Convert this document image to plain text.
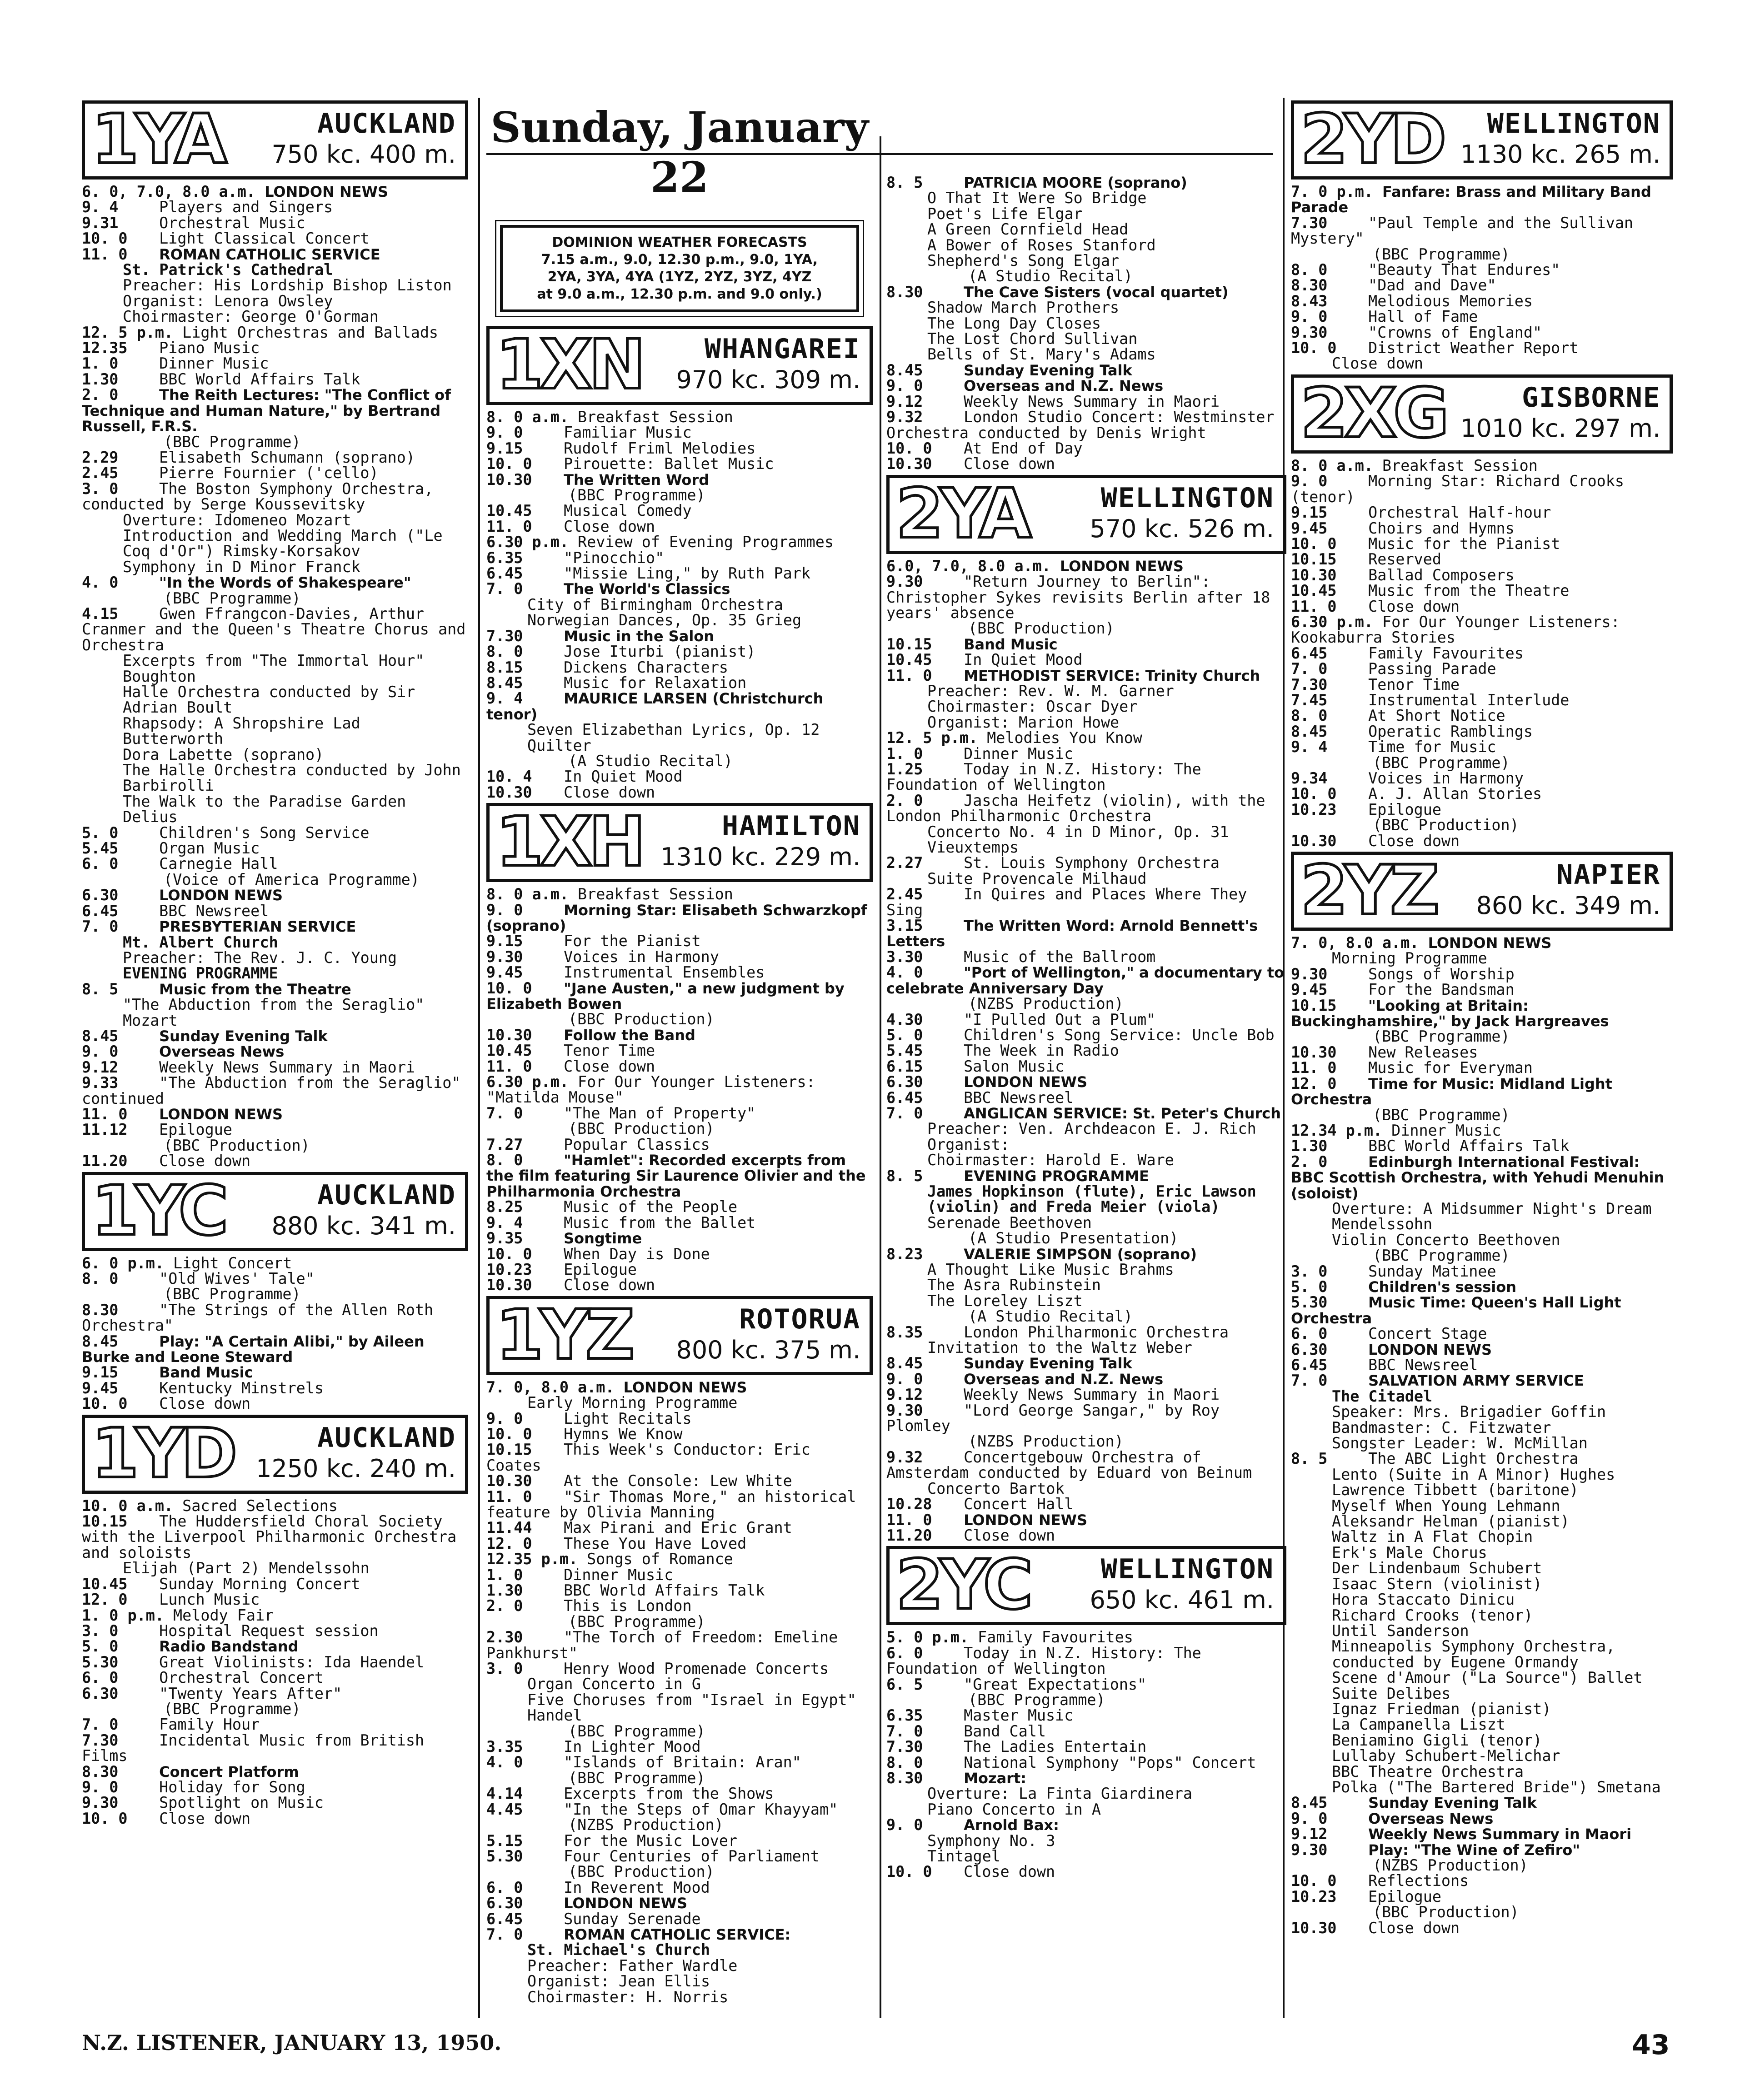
1YA	AUCKLAND
750 kc. 400 m.
6. 0, 7.0, 8.0 a.m. LONDON NEWS
9. 4	Players and Singers
9.31	Orchestral Music
10. 0 Light Classical Concert
11. 0 ROMAN CATHOLIC SERVICE
St. Patrick's Cathedral
Preacher: His Lordship Bishop Liston
Organist: Lenora Owsley
Choirmaster: George O'Gorman
12. 5 p.m. Light Orchestras and Ballads
12.35 Piano Music
1. 0	Dinner Music
1.30	BBC World Affairs Talk
2. 0	The Reith Lectures: "The Conflict of Technique and Human Nature," by Bertrand Russell, F.R.S.
(BBC Programme)
2.29	Elisabeth Schumann (soprano)
2.45	Pierre Fournier ('cello)
3. 0	The Boston Symphony Orchestra, conducted by Serge Koussevitsky
Overture: Idomeneo Mozart
Introduction and Wedding March ("Le Coq d'Or") Rimsky-Korsakov
Symphony in D Minor Franck
4. 0	"In the Words of Shakespeare"
(BBC Programme)
4.15	Gwen Ffrangcon-Davies, Arthur Cranmer and the Queen's Theatre Chorus and Orchestra
Excerpts from "The Immortal Hour" Boughton
Halle Orchestra conducted by Sir Adrian Boult
Rhapsody: A Shropshire Lad Butterworth
Dora Labette (soprano)
The Halle Orchestra conducted by John Barbirolli
The Walk to the Paradise Garden Delius
5. 0	Children's Song Service
5.45	Organ Music
6. 0	Carnegie Hall
(Voice of America Programme)
6.30	LONDON NEWS
6.45	BBC Newsreel
7. 0	PRESBYTERIAN SERVICE
Mt. Albert Church
Preacher: The Rev. J. C. Young
EVENING PROGRAMME
8. 5	Music from the Theatre
"The Abduction from the Seraglio" Mozart
8.45	Sunday Evening Talk
9. 0	Overseas News
9.12	Weekly News Summary in Maori
9.33	"The Abduction from the Seraglio" continued
11. 0 LONDON NEWS
11.12 Epilogue
(BBC Production)
11.20 Close down
1YC	AUCKLAND
880 kc. 341 m.
6. 0 p.m. Light Concert
8. 0	"Old Wives' Tale"
(BBC Programme)
8.30	"The Strings of the Allen Roth Orchestra"
8.45	Play: "A Certain Alibi," by Aileen Burke and Leone Steward
9.15	Band Music
9.45	Kentucky Minstrels
10. 0 Close down
1YD	AUCKLAND
1250 kc. 240 m.
10. 0 a.m. Sacred Selections
10.15 The Huddersfield Choral Society with the Liverpool Philharmonic Orchestra and soloists
Elijah (Part 2) Mendelssohn
10.45 Sunday Morning Concert
12. 0 Lunch Music
1. 0 p.m. Melody Fair
3. 0	Hospital Request session
5. 0	Radio Bandstand
5.30	Great Violinists: Ida Haendel
6. 0	Orchestral Concert
6.30	"Twenty Years After"
(BBC Programme)
7. 0	Family Hour
7.30	Incidental Music from British Films
8.30	Concert Platform
9. 0	Holiday for Song
9.30	Spotlight on Music
10. 0 Close down
Sunday, January 22
DOMINION WEATHER FORECASTS
7.15 a.m., 9.0, 12.30 p.m., 9.0, 1YA,
2YA, 3YA, 4YA (1YZ, 2YZ, 3YZ, 4YZ
at 9.0 a.m., 12.30 p.m. and 9.0 only.)
1XN WHANGAREI
970 kc. 309 m.
8. 0 a.m. Breakfast Session
9. 0	Familiar Music
9.15	Rudolf Friml Melodies
10. 0 Pirouette: Ballet Music
10.30 The Written Word
(BBC Programme)
10.45 Musical Comedy
11. 0 Close down
6.30 p.m. Review of Evening Programmes
6.35	"Pinocchio"
6.45	"Missie Ling," by Ruth Park
7. 0	The World's Classics
City of Birmingham Orchestra
Norwegian Dances, Op. 35 Grieg
7.30	Music in the Salon
8. 0	Jose Iturbi (pianist)
8.15	Dickens Characters
8.45	Music for Relaxation
9. 4	MAURICE LARSEN (Christchurch tenor)
Seven Elizabethan Lyrics, Op. 12 Quilter
(A Studio Recital)
10. 4 In Quiet Mood
10.30 Close down
1XH	HAMILTON
1310 kc. 229 m.
8. 0 a.m. Breakfast Session
9. 0	Morning Star: Elisabeth Schwarzkopf (soprano)
9.15	For the Pianist
9.30	Voices in Harmony
9.45	Instrumental Ensembles
10. 0 "Jane Austen," a new judgment by Elizabeth Bowen
(BBC Production)
10.30 Follow the Band
10.45 Tenor Time
11. 0 Close down
6.30 p.m. For Our Younger Listeners: "Matilda Mouse"
7. 0	"The Man of Property"
(BBC Production)
7.27	Popular Classics
8. 0	"Hamlet": Recorded excerpts from the film featuring Sir Laurence Olivier and the Philharmonia Orchestra
8.25	Music of the People
9. 4	Music from the Ballet
9.35	Songtime
10. 0 When Day is Done
10.23 Epilogue
10.30 Close down
1YZ	ROTORUA
800 kc. 375 m.
7. 0, 8.0 a.m. LONDON NEWS
Early Morning Programme
9. 0	Light Recitals
10. 0 Hymns We Know
10.15 This Week's Conductor: Eric Coates
10.30 At the Console: Lew White
11. 0 "Sir Thomas More," an historical feature by Olivia Manning
11.44 Max Pirani and Eric Grant
12. 0 These You Have Loved
12.35 p.m. Songs of Romance
1. 0	Dinner Music
1.30	BBC World Affairs Talk
2. 0	This is London
(BBC Programme)
2.30	"The Torch of Freedom: Emeline Pankhurst"
3. 0	Henry Wood Promenade Concerts
Organ Concerto in G
Five Choruses from "Israel in Egypt" Handel
(BBC Programme)
3.35	In Lighter Mood
4. 0	"Islands of Britain: Aran"
(BBC Programme)
4.14	Excerpts from the Shows
4.45	"In the Steps of Omar Khayyam"
(NZBS Production)
5.15	For the Music Lover
5.30	Four Centuries of Parliament
(BBC Production)
6. 0	In Reverent Mood
6.30	LONDON NEWS
6.45	Sunday Serenade
7. 0	ROMAN CATHOLIC SERVICE:
St. Michael's Church
Preacher: Father Wardle
Organist: Jean Ellis
Choirmaster: H. Norris
8. 5	PATRICIA MOORE (soprano)
O That It Were So Bridge
Poet's Life Elgar
A Green Cornfield Head
A Bower of Roses Stanford
Shepherd's Song Elgar
(A Studio Recital)
8.30	The Cave Sisters (vocal quartet)
Shadow March Prothers
The Long Day Closes
The Lost Chord Sullivan
Bells of St. Mary's Adams
8.45	Sunday Evening Talk
9. 0	Overseas and N.Z. News
9.12	Weekly News Summary in Maori
9.32	London Studio Concert: Westminster Orchestra conducted by Denis Wright
10. 0 At End of Day
10.30 Close down
2YA	WELLINGTON
570 kc. 526 m.
6.0, 7.0, 8.0 a.m. LONDON NEWS
9.30	"Return Journey to Berlin": Christopher Sykes revisits Berlin after 18 years' absence
(BBC Production)
10.15 Band Music
10.45 In Quiet Mood
11. 0 METHODIST SERVICE: Trinity Church
Preacher: Rev. W. M. Garner
Choirmaster: Oscar Dyer
Organist: Marion Howe
12. 5 p.m. Melodies You Know
1. 0	Dinner Music
1.25	Today in N.Z. History: The Foundation of Wellington
2. 0	Jascha Heifetz (violin), with the London Philharmonic Orchestra
Concerto No. 4 in D Minor, Op. 31 Vieuxtemps
2.27	St. Louis Symphony Orchestra
Suite Provencale Milhaud
2.45	In Quires and Places Where They Sing
3.15	The Written Word: Arnold Bennett's Letters
3.30	Music of the Ballroom
4. 0	"Port of Wellington," a documentary to celebrate Anniversary Day
(NZBS Production)
4.30	"I Pulled Out a Plum"
5. 0	Children's Song Service: Uncle Bob
5.45	The Week in Radio
6.15	Salon Music
6.30	LONDON NEWS
6.45	BBC Newsreel
7. 0	ANGLICAN SERVICE: St. Peter's Church
Preacher: Ven. Archdeacon E. J. Rich
Organist:
Choirmaster: Harold E. Ware
8. 5	EVENING PROGRAMME
James Hopkinson (flute), Eric Lawson (violin) and Freda Meier (viola)
Serenade Beethoven
(A Studio Presentation)
8.23	VALERIE SIMPSON (soprano)
A Thought Like Music Brahms
The Asra Rubinstein
The Loreley Liszt
(A Studio Recital)
8.35	London Philharmonic Orchestra
Invitation to the Waltz Weber
8.45	Sunday Evening Talk
9. 0	Overseas and N.Z. News
9.12	Weekly News Summary in Maori
9.30	"Lord George Sangar," by Roy Plomley
(NZBS Production)
9.32	Concertgebouw Orchestra of Amsterdam conducted by Eduard von Beinum
Concerto Bartok
10.28 Concert Hall
11. 0 LONDON NEWS
11.20 Close down
2YC	WELLINGTON
650 kc. 461 m.
5. 0 p.m. Family Favourites
6. 0	Today in N.Z. History: The Foundation of Wellington
6. 5	"Great Expectations"
(BBC Programme)
6.35	Master Music
7. 0	Band Call
7.30	The Ladies Entertain
8. 0	National Symphony "Pops" Concert
8.30	Mozart:
Overture: La Finta Giardinera
Piano Concerto in A
9. 0	Arnold Bax:
Symphony No. 3
Tintagel
10. 0 Close down
2YD WELLINGTON
1130 kc. 265 m.
7. 0 p.m. Fanfare: Brass and Military Band Parade
7.30	"Paul Temple and the Sullivan Mystery"
(BBC Programme)
8. 0	"Beauty That Endures"
8.30	"Dad and Dave"
8.43	Melodious Memories
9. 0	Hall of Fame
9.30	"Crowns of England"
10. 0 District Weather Report
Close down
2XG	GISBORNE
1010 kc. 297 m.
8. 0 a.m. Breakfast Session
9. 0	Morning Star: Richard Crooks (tenor)
9.15	Orchestral Half-hour
9.45	Choirs and Hymns
10. 0 Music for the Pianist
10.15 Reserved
10.30 Ballad Composers
10.45 Music from the Theatre
11. 0 Close down
6.30 p.m. For Our Younger Listeners: Kookaburra Stories
6.45	Family Favourites
7. 0	Passing Parade
7.30	Tenor Time
7.45	Instrumental Interlude
8. 0	At Short Notice
8.45	Operatic Ramblings
9. 4	Time for Music
(BBC Programme)
9.34	Voices in Harmony
10. 0 A. J. Allan Stories
10.23 Epilogue
(BBC Production)
10.30 Close down
2YZ	NAPIER
860 kc. 349 m.
7. 0, 8.0 a.m. LONDON NEWS
Morning Programme
9.30	Songs of Worship
9.45	For the Bandsman
10.15 "Looking at Britain: Buckinghamshire," by Jack Hargreaves
(BBC Programme)
10.30 New Releases
11. 0 Music for Everyman
12. 0 Time for Music: Midland Light Orchestra
(BBC Programme)
12.34 p.m. Dinner Music
1.30	BBC World Affairs Talk
2. 0	Edinburgh International Festival: BBC Scottish Orchestra, with Yehudi Menuhin (soloist)
Overture: A Midsummer Night's Dream Mendelssohn
Violin Concerto Beethoven
(BBC Programme)
3. 0	Sunday Matinee
5. 0	Children's session
5.30	Music Time: Queen's Hall Light Orchestra
6. 0	Concert Stage
6.30	LONDON NEWS
6.45	BBC Newsreel
7. 0	SALVATION ARMY SERVICE
The Citadel
Speaker: Mrs. Brigadier Goffin
Bandmaster: C. Fitzwater
Songster Leader: W. McMillan
8. 5	The ABC Light Orchestra
Lento (Suite in A Minor) Hughes
Lawrence Tibbett (baritone)
Myself When Young Lehmann
Aleksandr Helman (pianist)
Waltz in A Flat Chopin
Erk's Male Chorus
Der Lindenbaum Schubert
Isaac Stern (violinist)
Hora Staccato Dinicu
Richard Crooks (tenor)
Until Sanderson
Minneapolis Symphony Orchestra, conducted by Eugene Ormandy
Scene d'Amour ("La Source") Ballet Suite Delibes
Ignaz Friedman (pianist)
La Campanella Liszt
Beniamino Gigli (tenor)
Lullaby Schubert-Melichar
BBC Theatre Orchestra
Polka ("The Bartered Bride") Smetana
8.45	Sunday Evening Talk
9. 0	Overseas News
9.12	Weekly News Summary in Maori
9.30	Play: "The Wine of Zefiro"
(NZBS Production)
10. 0 Reflections
10.23 Epilogue
(BBC Production)
10.30 Close down
N.Z. LISTENER, JANUARY 13, 1950.	43
